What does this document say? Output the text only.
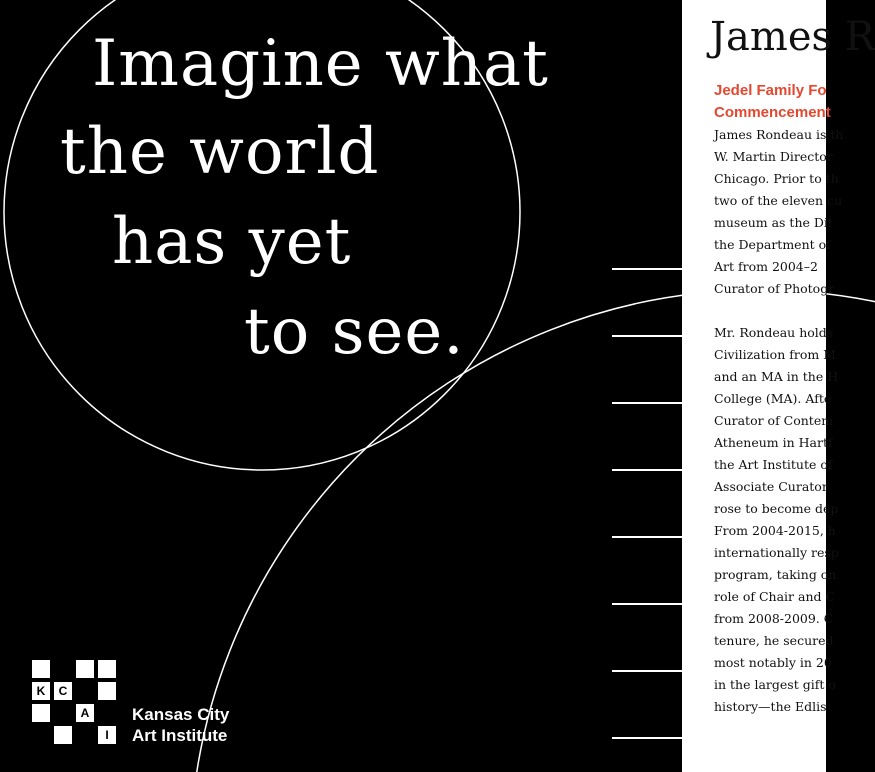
Imagine what
the world
has yet
to see.
K	C
A
I
Kansas City
Art Institute
James R
Jedel Family Fo
Commencement
James Rondeau is th
W. Martin Director
Chicago. Prior to th
two of the eleven cu
museum as the Dit
the Department of
Art from 2004–2
Curator of Photogr
Mr. Rondeau holds
Civilization from M
and an MA in the H
College (MA). Afte
Curator of Contem
Atheneum in Hartf
the Art Institute of
Associate Curator
rose to become dep
From 2004-2015, h
internationally resp
program, taking on
role of Chair and C
from 2008-2009. C
tenure, he secured
most notably in 20
in the largest gift o
history—the Edlis
